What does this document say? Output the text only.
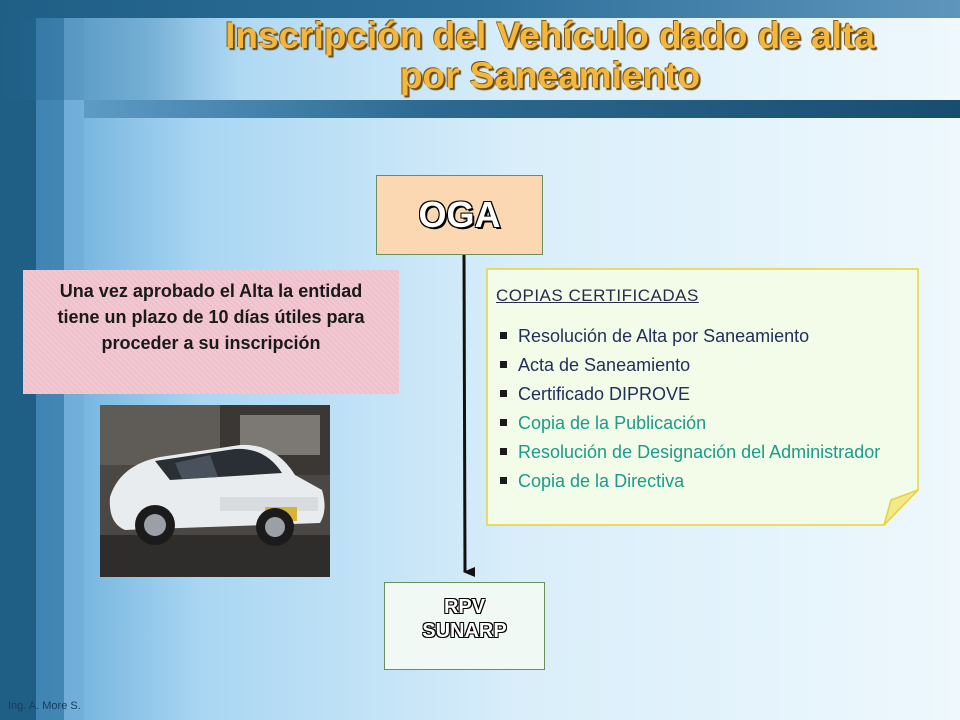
Inscripción del Vehículo dado de alta
por Saneamiento
OGA
Una vez aprobado el Alta la entidad tiene un plazo de 10 días útiles para proceder a su inscripción
COPIAS CERTIFICADAS
Resolución de Alta por Saneamiento
Acta de Saneamiento
Certificado DIPROVE
Copia de la Publicación
Resolución de Designación del Administrador
Copia de la Directiva
RPV
SUNARP
Ing. A. More S.
